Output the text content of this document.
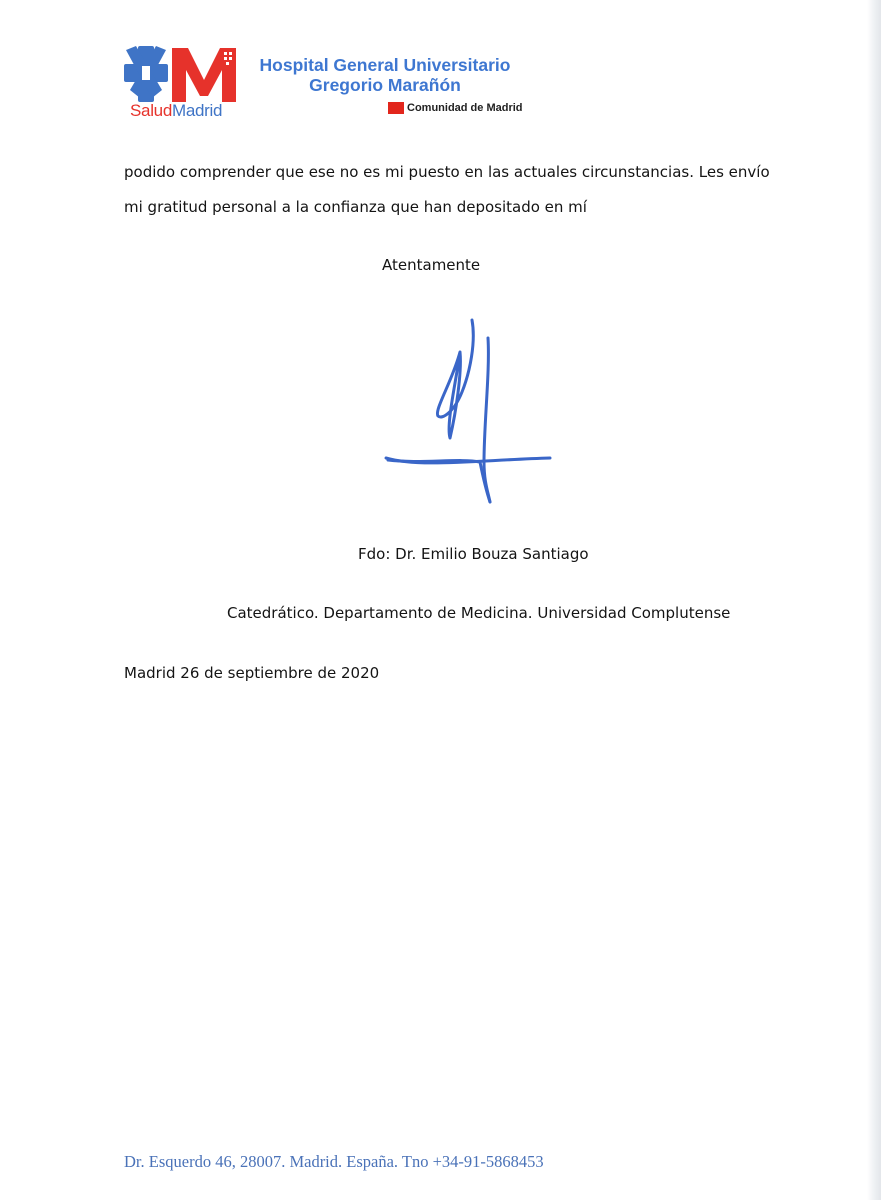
SaludMadrid
Hospital General Universitario
Gregorio Marañón
Comunidad de Madrid
podido comprender que ese no es mi puesto en las actuales circunstancias. Les envío
mi gratitud personal a la confianza que han depositado en mí
Atentamente
Fdo: Dr. Emilio Bouza Santiago
Catedrático. Departamento de Medicina. Universidad Complutense
Madrid 26 de septiembre de 2020
Dr. Esquerdo 46, 28007. Madrid. España. Tno +34-91-5868453
